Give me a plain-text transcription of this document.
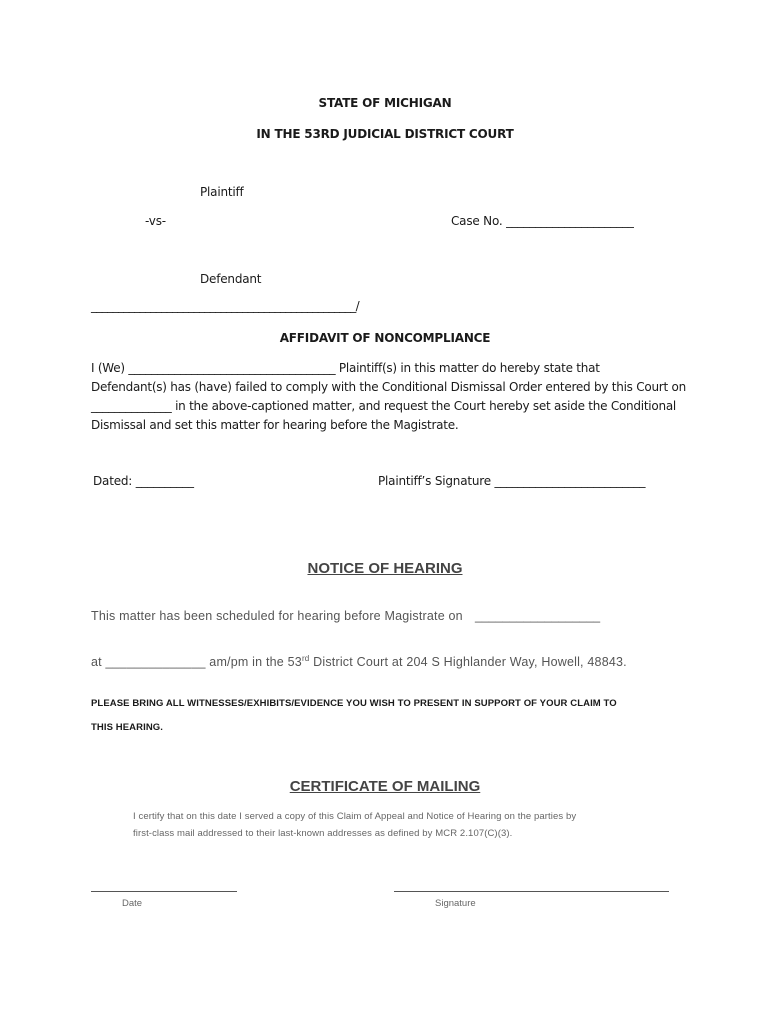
STATE OF MICHIGAN
IN THE 53RD JUDICIAL DISTRICT COURT
Plaintiff
-vs-	Case No. ______________________
Defendant
_________________________________________________/
AFFIDAVIT OF NONCOMPLIANCE
I (We) ____________________________________ Plaintiff(s) in this matter do hereby state that
Defendant(s) has (have) failed to comply with the Conditional Dismissal Order entered by this Court on
______________ in the above-captioned matter, and request the Court hereby set aside the Conditional
Dismissal and set this matter for hearing before the Magistrate.
Dated: __________	Plaintiff’s Signature __________________________
NOTICE OF HEARING
This matter has been scheduled for hearing before Magistrate on __________________
at ______________ am/pm in the 53rd District Court at 204 S Highlander Way, Howell, 48843.
PLEASE BRING ALL WITNESSES/EXHIBITS/EVIDENCE YOU WISH TO PRESENT IN SUPPORT OF YOUR CLAIM TO
THIS HEARING.
CERTIFICATE OF MAILING
I certify that on this date I served a copy of this Claim of Appeal and Notice of Hearing on the parties by
first-class mail addressed to their last-known addresses as defined by MCR 2.107(C)(3).
Date	Signature
